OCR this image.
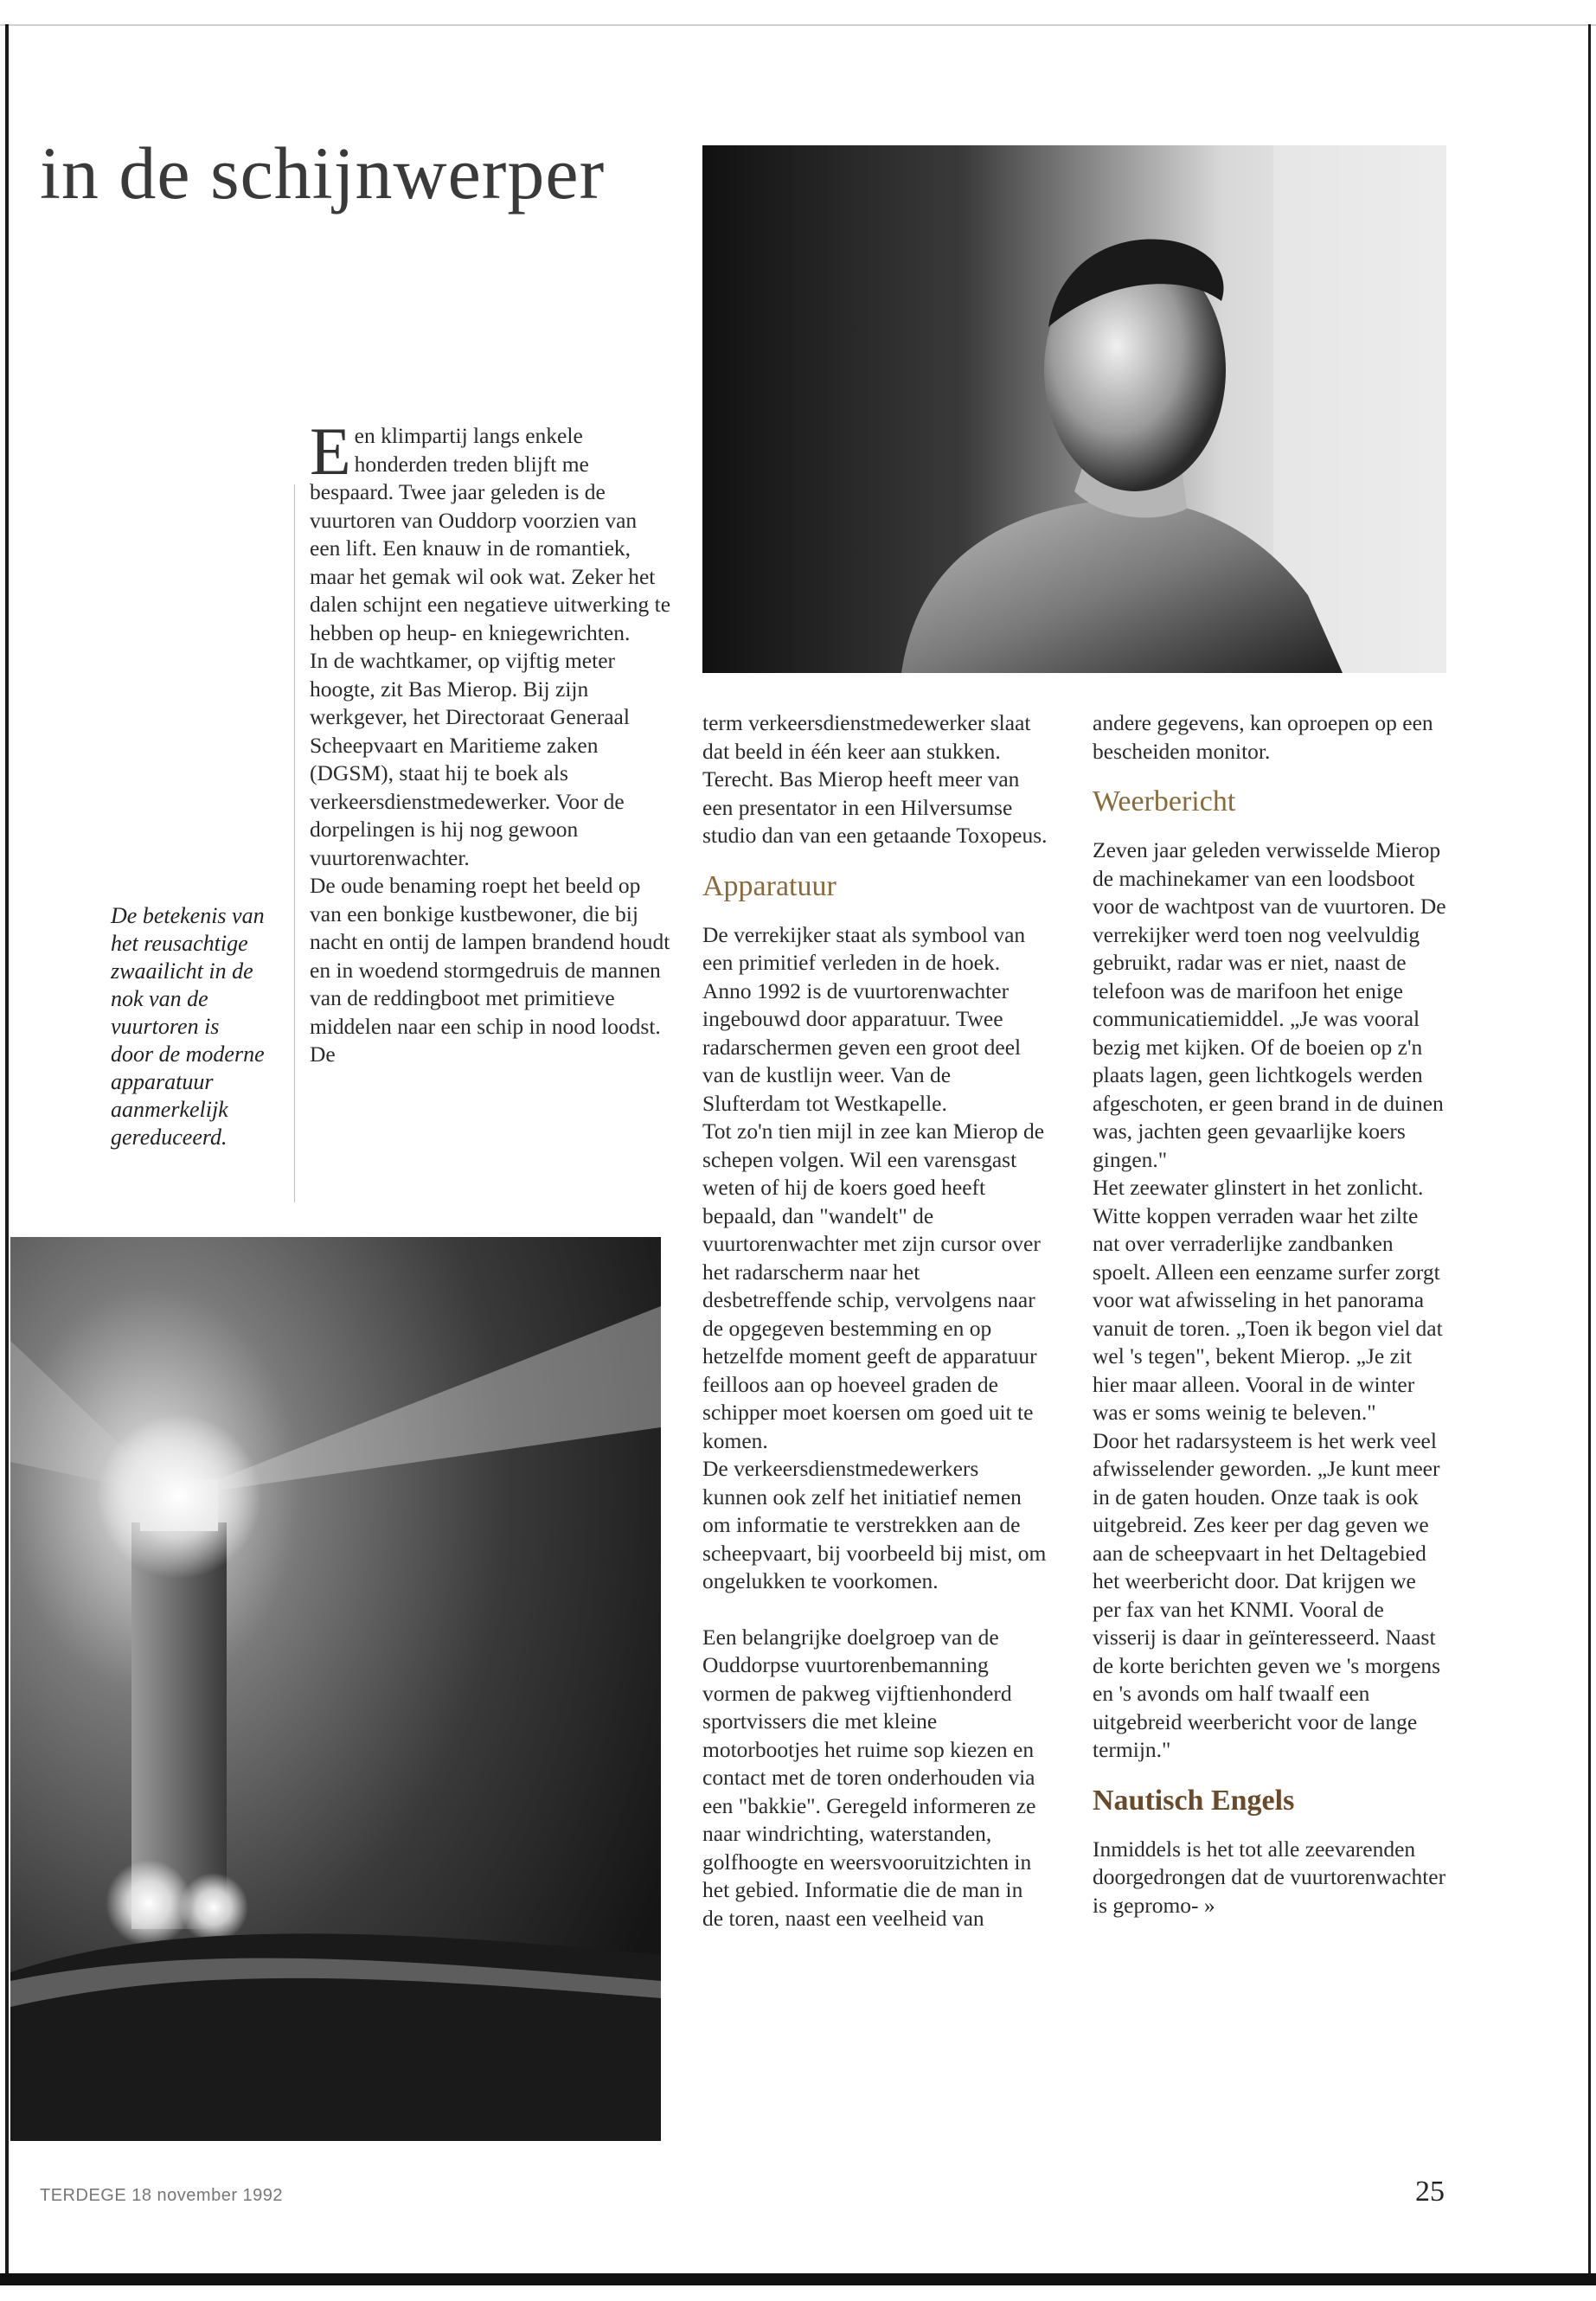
in de schijnwerper

Een klimpartij langs enkele honderden treden blijft me bespaard. Twee jaar geleden is de vuurtoren van Ouddorp voorzien van een lift. Een knauw in de romantiek, maar het gemak wil ook wat. Zeker het dalen schijnt een negatieve uitwerking te hebben op heup- en kniegewrichten.

In de wachtkamer, op vijftig meter hoogte, zit Bas Mierop. Bij zijn werkgever, het Directoraat Generaal Scheepvaart en Maritieme zaken (DGSM), staat hij te boek als verkeersdienstmedewerker. Voor de dorpelingen is hij nog gewoon vuurtorenwachter.

De oude benaming roept het beeld op van een bonkige kustbewoner, die bij nacht en ontij de lampen brandend houdt en in woedend stormgedruis de mannen van de reddingboot met primitieve middelen naar een schip in nood loodst. De

De betekenis van het reusachtige zwaailicht in de nok van de vuurtoren is door de moderne apparatuur aanmerkelijk gereduceerd.

term verkeersdienstmedewerker slaat dat beeld in één keer aan stukken. Terecht. Bas Mierop heeft meer van een presentator in een Hilversumse studio dan van een getaande Toxopeus.

Apparatuur

De verrekijker staat als symbool van een primitief verleden in de hoek. Anno 1992 is de vuurtorenwachter ingebouwd door apparatuur. Twee radarschermen geven een groot deel van de kustlijn weer. Van de Slufterdam tot Westkapelle.

Tot zo'n tien mijl in zee kan Mierop de schepen volgen. Wil een varensgast weten of hij de koers goed heeft bepaald, dan "wandelt" de vuurtorenwachter met zijn cursor over het radarscherm naar het desbetreffende schip, vervolgens naar de opgegeven bestemming en op hetzelfde moment geeft de apparatuur feilloos aan op hoeveel graden de schipper moet koersen om goed uit te komen.

De verkeersdienstmedewerkers kunnen ook zelf het initiatief nemen om informatie te verstrekken aan de scheepvaart, bij voorbeeld bij mist, om ongelukken te voorkomen.

Een belangrijke doelgroep van de Ouddorpse vuurtorenbemanning vormen de pakweg vijftienhonderd sportvissers die met kleine motorbootjes het ruime sop kiezen en contact met de toren onderhouden via een "bakkie". Geregeld informeren ze naar windrichting, waterstanden, golfhoogte en weersvooruitzichten in het gebied. Informatie die de man in de toren, naast een veelheid van

andere gegevens, kan oproepen op een bescheiden monitor.

Weerbericht

Zeven jaar geleden verwisselde Mierop de machinekamer van een loodsboot voor de wachtpost van de vuurtoren. De verrekijker werd toen nog veelvuldig gebruikt, radar was er niet, naast de telefoon was de marifoon het enige communicatiemiddel. „Je was vooral bezig met kijken. Of de boeien op z'n plaats lagen, geen lichtkogels werden afgeschoten, er geen brand in de duinen was, jachten geen gevaarlijke koers gingen."

Het zeewater glinstert in het zonlicht. Witte koppen verraden waar het zilte nat over verraderlijke zandbanken spoelt. Alleen een eenzame surfer zorgt voor wat afwisseling in het panorama vanuit de toren. „Toen ik begon viel dat wel 's tegen", bekent Mierop. „Je zit hier maar alleen. Vooral in de winter was er soms weinig te beleven."

Door het radarsysteem is het werk veel afwisselender geworden. „Je kunt meer in de gaten houden. Onze taak is ook uitgebreid. Zes keer per dag geven we aan de scheepvaart in het Deltagebied het weerbericht door. Dat krijgen we per fax van het KNMI. Vooral de visserij is daar in geïnteresseerd. Naast de korte berichten geven we 's morgens en 's avonds om half twaalf een uitgebreid weerbericht voor de lange termijn."

Nautisch Engels

Inmiddels is het tot alle zeevarenden doorgedrongen dat de vuurtorenwachter is gepromo- »

TERDEGE 18 november 1992	25
